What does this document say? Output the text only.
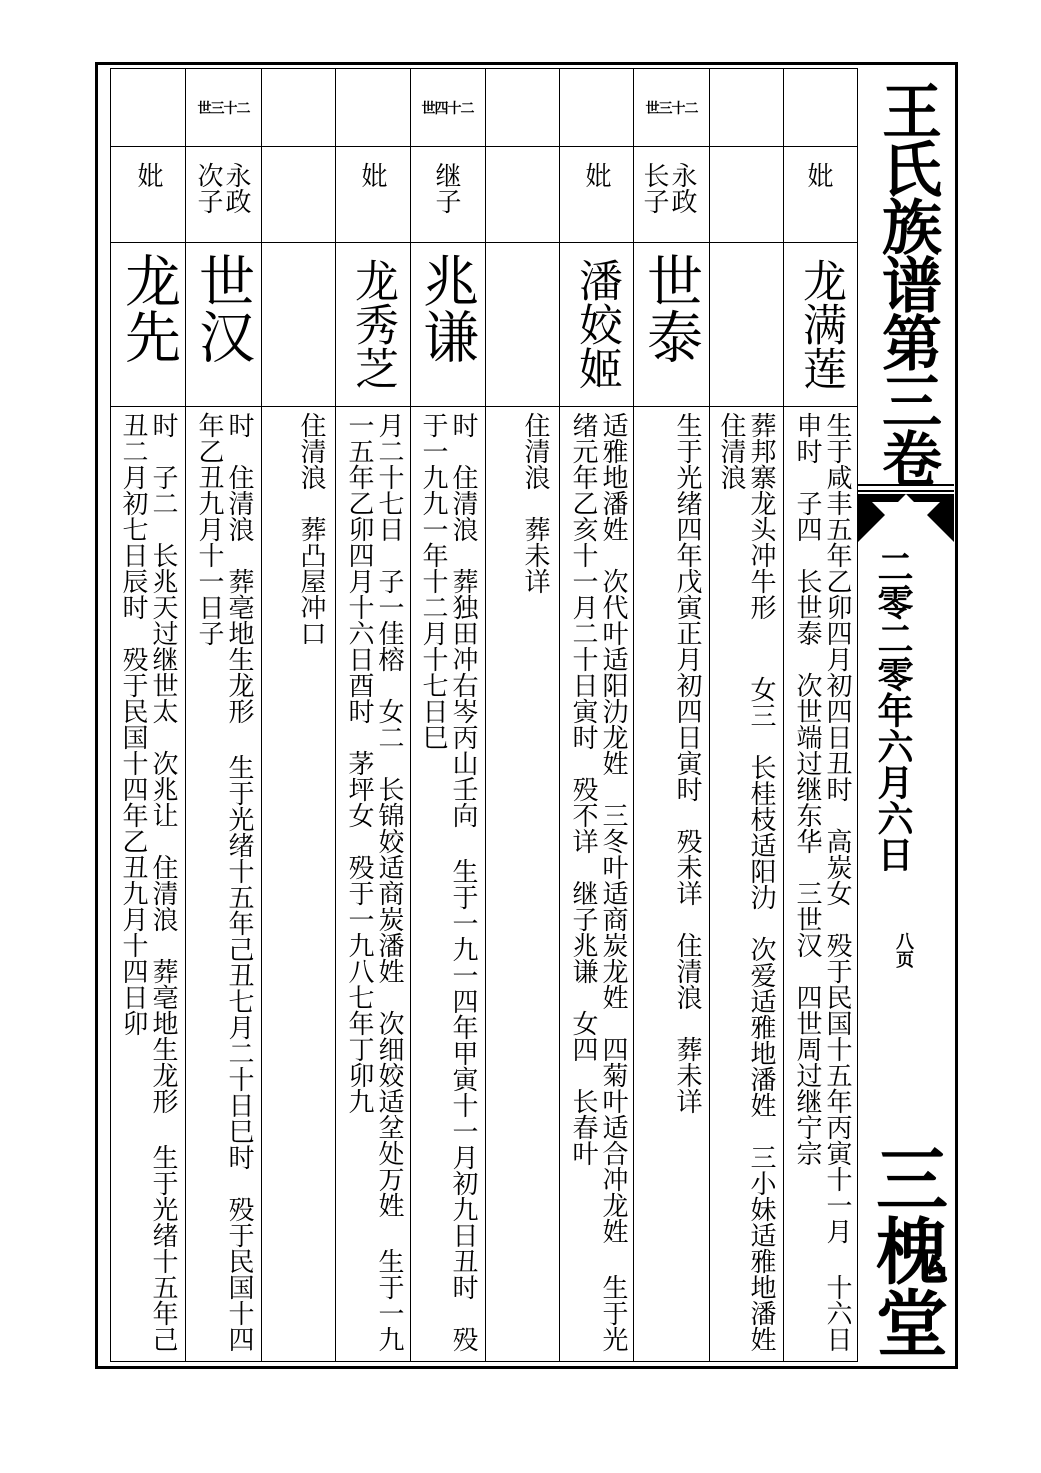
妣
龙满莲
生于咸丰五年乙卯四月初四日丑时　高炭女　殁于民国十五年丙寅十一月 十六日申时　子四　长世泰　次世端过继东华　三世汉　四世周过继宁宗
葬邦寨龙头冲牛形 　女三　长桂枝适阳氻　次爱适雅地潘姓　三小妹适雅地潘姓　住清浪
世三十二
永政长子
世泰
生于光绪四年戊寅正月初四日寅时　殁未详　住清浪　葬未详
妣
潘姣姬
适雅地潘姓　次代叶适阳氻龙姓　三冬叶适商炭龙姓　四菊叶适合冲龙姓 生于光绪元年乙亥十一月二十日寅时　殁不详　继子兆谦　女四　长春叶
住清浪　葬未详
世四十二
继子
兆谦
时　住清浪　葬独田冲右岑丙山壬向 生于一九一四年甲寅十一月初九日丑时　殁于一九九一年十二月十七日巳
妣
龙秀芝
月二十七日　子一佳榕　女二　长锦姣适商炭潘姓　次细姣适坌处万姓 生于一九一五年乙卯四月十六日酉时　茅坪女　殁于一九八七年丁卯九
住清浪　葬凸屋冲口
世三十二
永政次子
世汉
时　住清浪　葬亳地生龙形 生于光绪十五年己丑七月二十日巳时　殁于民国十四年乙丑九月十一日子
妣
龙先
时　子二　长兆天过继世太　次兆让　住清浪　葬亳地生龙形 生于光绪十五年己丑二月初七日辰时　殁于民国十四年乙丑九月十四日卯
王氏族谱第三卷
二零二零年六月六日
八页
三槐堂
